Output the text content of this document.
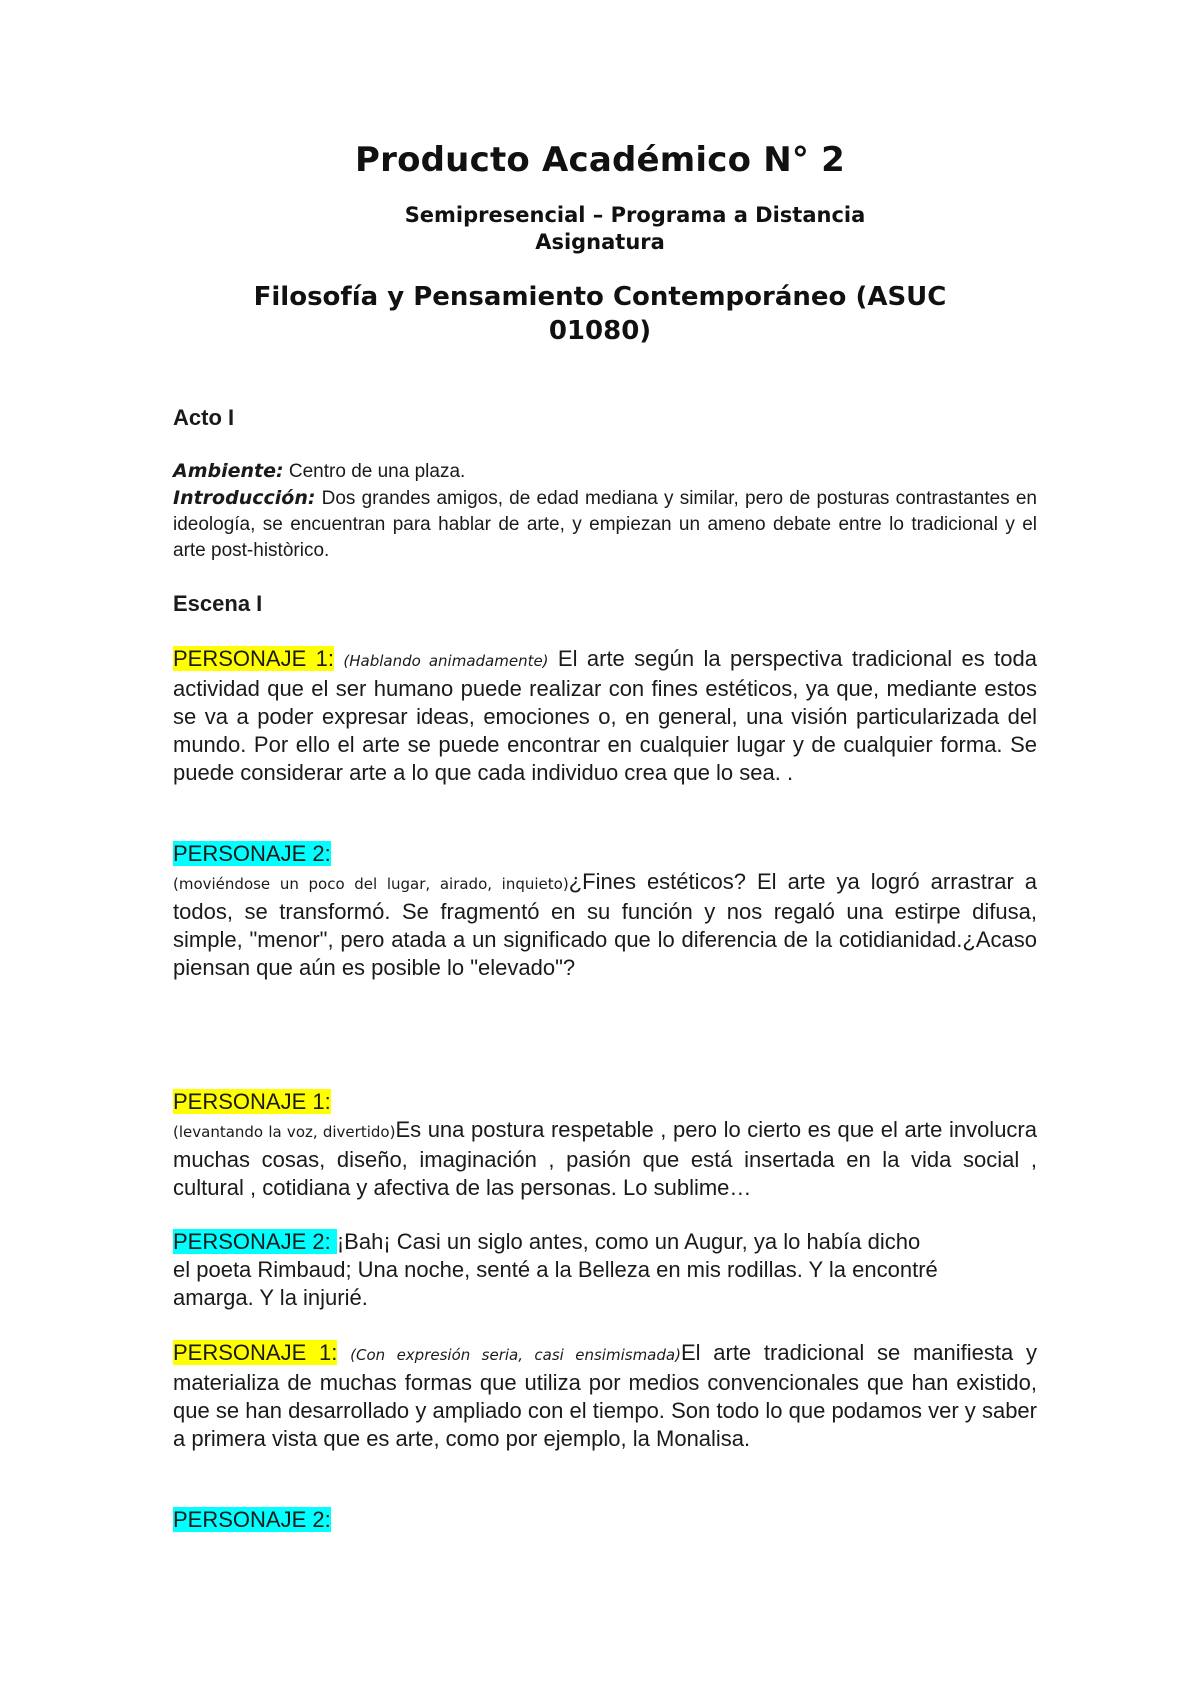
Producto Académico N° 2
Semipresencial – Programa a Distancia
Asignatura
Filosofía y Pensamiento Contemporáneo (ASUC
01080)
Acto I
Ambiente: Centro de una plaza.
Introducción: Dos grandes amigos, de edad mediana y similar, pero de posturas contrastantes en ideología, se encuentran para hablar de arte, y empiezan un ameno debate entre lo tradicional y el arte post-històrico.
Escena I
PERSONAJE 1: (Hablando animadamente) El arte según la perspectiva tradicional es toda actividad que el ser humano puede realizar con fines estéticos, ya que, mediante estos se va a poder expresar ideas, emociones o, en general, una visión particularizada del mundo. Por ello el arte se puede encontrar en cualquier lugar y de cualquier forma. Se puede considerar arte a lo que cada individuo crea que lo sea. .
PERSONAJE 2:
(moviéndose un poco del lugar, airado, inquieto)¿Fines estéticos? El arte ya logró arrastrar a todos, se transformó. Se fragmentó en su función y nos regaló una estirpe difusa, simple, "menor", pero atada a un significado que lo diferencia de la cotidianidad.¿Acaso piensan que aún es posible lo "elevado"?
PERSONAJE 1:
(levantando la voz, divertido)Es una postura respetable , pero lo cierto es que el arte involucra muchas cosas, diseño, imaginación , pasión que está insertada en la vida social , cultural , cotidiana y afectiva de las personas. Lo sublime…
PERSONAJE 2: ¡Bah¡ Casi un siglo antes, como un Augur, ya lo había dicho
el poeta Rimbaud; Una noche, senté a la Belleza en mis rodillas. Y la encontré amarga. Y la injurié.
PERSONAJE 1: (Con expresión seria, casi ensimismada)El arte tradicional se manifiesta y materializa de muchas formas que utiliza por medios convencionales que han existido, que se han desarrollado y ampliado con el tiempo. Son todo lo que podamos ver y saber a primera vista que es arte, como por ejemplo, la Monalisa.
PERSONAJE 2:
